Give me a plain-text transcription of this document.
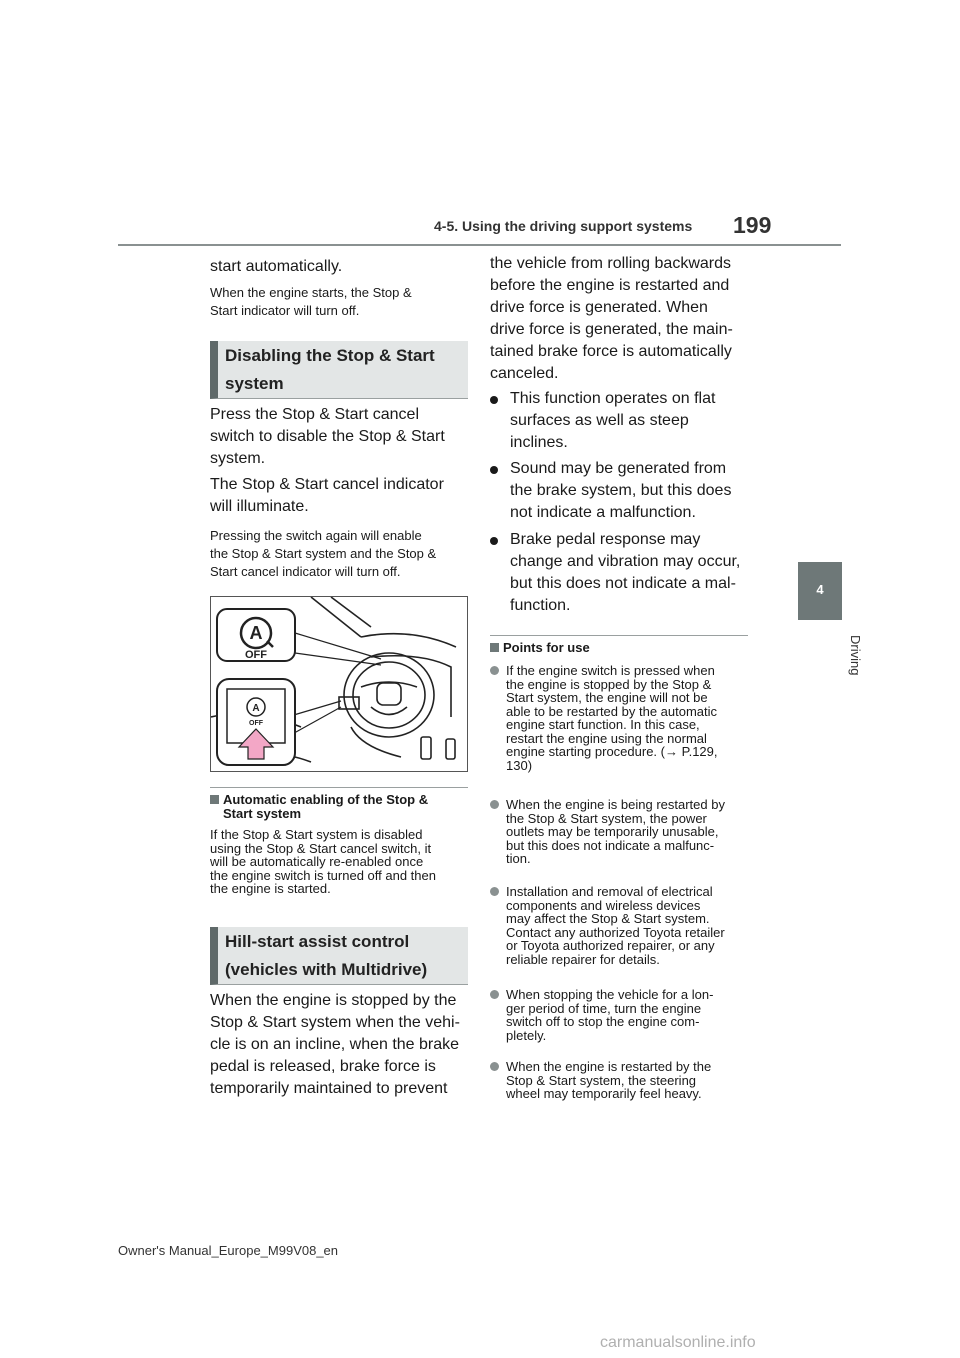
4-5. Using the driving support systems 199
4
Driving

start automatically.

When the engine starts, the Stop &

Start indicator will turn off.

Disabling the Stop & Start

system

Press the Stop & Start cancel

switch to disable the Stop & Start

system.

The Stop & Start cancel indicator

will illuminate.

Pressing the switch again will enable

the Stop & Start system and the Stop &

Start cancel indicator will turn off.

A
OFF
A
OFF
Automatic enabling of the Stop &
Start system

If the Stop & Start system is disabled

using the Stop & Start cancel switch, it

will be automatically re-enabled once

the engine switch is turned off and then

the engine is started.

Hill-start assist control

(vehicles with Multidrive)

When the engine is stopped by the

Stop & Start system when the vehi-

cle is on an incline, when the brake

pedal is released, brake force is

temporarily maintained to prevent

the vehicle from rolling backwards

before the engine is restarted and

drive force is generated. When

drive force is generated, the main-

tained brake force is automatically

canceled.

This function operates on flat
surfaces as well as steep
inclines.
Sound may be generated from
the brake system, but this does
not indicate a malfunction.
Brake pedal response may
change and vibration may occur,
but this does not indicate a mal-
function.
Points for use

If the engine switch is pressed when

the engine is stopped by the Stop &

Start system, the engine will not be

able to be restarted by the automatic

engine start function. In this case,

restart the engine using the normal

engine starting procedure. (→ P.129,

130)

When the engine is being restarted by

the Stop & Start system, the power

outlets may be temporarily unusable,

but this does not indicate a malfunc-

tion.

Installation and removal of electrical

components and wireless devices

may affect the Stop & Start system.

Contact any authorized Toyota retailer

or Toyota authorized repairer, or any

reliable repairer for details.

When stopping the vehicle for a lon-

ger period of time, turn the engine

switch off to stop the engine com-

pletely.

When the engine is restarted by the

Stop & Start system, the steering

wheel may temporarily feel heavy.

Owner's Manual_Europe_M99V08_en
carmanualsonline.info
